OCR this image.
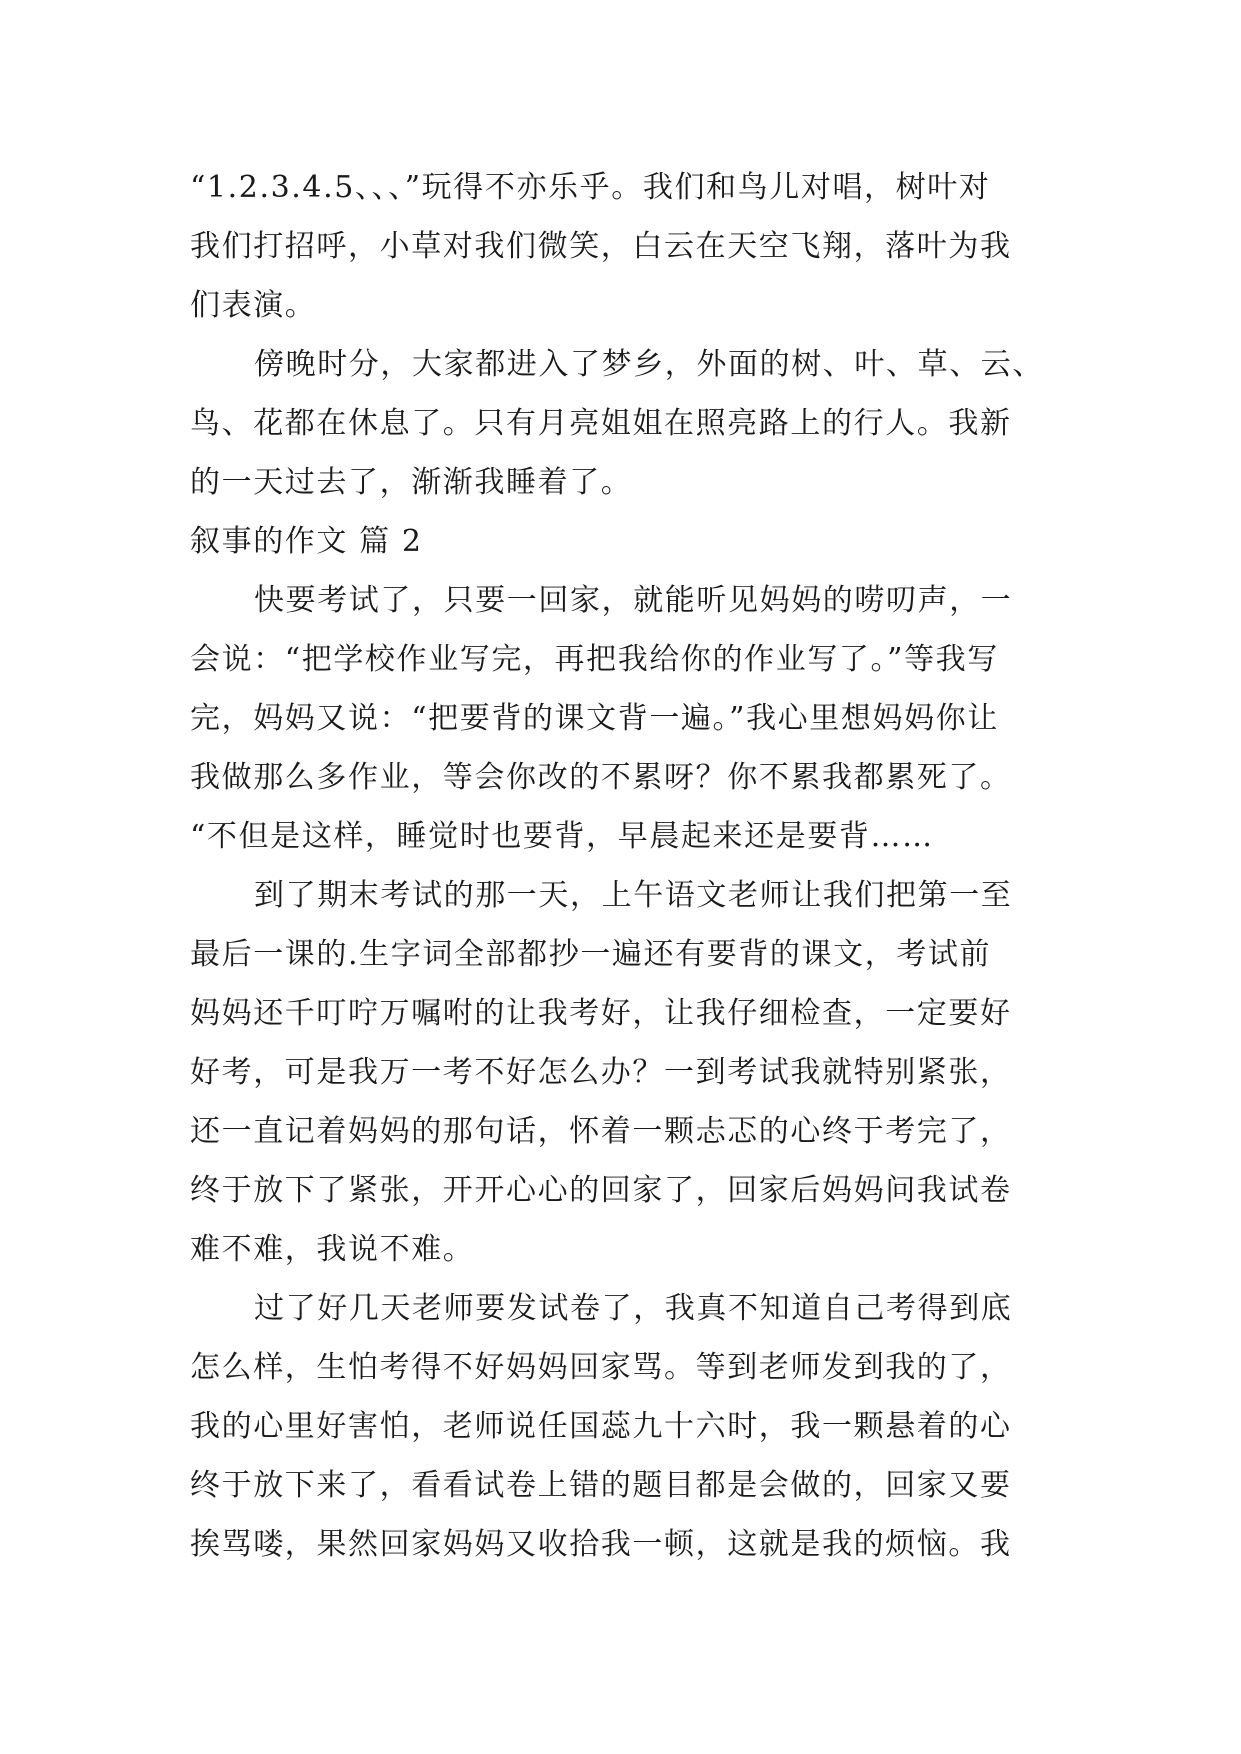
“1.2.3.4.5、、、”玩得不亦乐乎。我们和鸟儿对唱，树叶对
我们打招呼，小草对我们微笑，白云在天空飞翔，落叶为我
们表演。
傍晚时分，大家都进入了梦乡，外面的树、叶、草、云、
鸟、花都在休息了。只有月亮姐姐在照亮路上的行人。我新
的一天过去了，渐渐我睡着了。
叙事的作文 篇 2
快要考试了，只要一回家，就能听见妈妈的唠叨声，一
会说：“把学校作业写完，再把我给你的作业写了。”等我写
完，妈妈又说：“把要背的课文背一遍。”我心里想妈妈你让
我做那么多作业，等会你改的不累呀？你不累我都累死了。
“不但是这样，睡觉时也要背，早晨起来还是要背……
到了期末考试的那一天，上午语文老师让我们把第一至
最后一课的.生字词全部都抄一遍还有要背的课文，考试前
妈妈还千叮咛万嘱咐的让我考好，让我仔细检查，一定要好
好考，可是我万一考不好怎么办？一到考试我就特别紧张，
还一直记着妈妈的那句话，怀着一颗忐忑的心终于考完了，
终于放下了紧张，开开心心的回家了，回家后妈妈问我试卷
难不难，我说不难。
过了好几天老师要发试卷了，我真不知道自己考得到底
怎么样，生怕考得不好妈妈回家骂。等到老师发到我的了，
我的心里好害怕，老师说任国蕊九十六时，我一颗悬着的心
终于放下来了，看看试卷上错的题目都是会做的，回家又要
挨骂喽，果然回家妈妈又收拾我一顿，这就是我的烦恼。我
